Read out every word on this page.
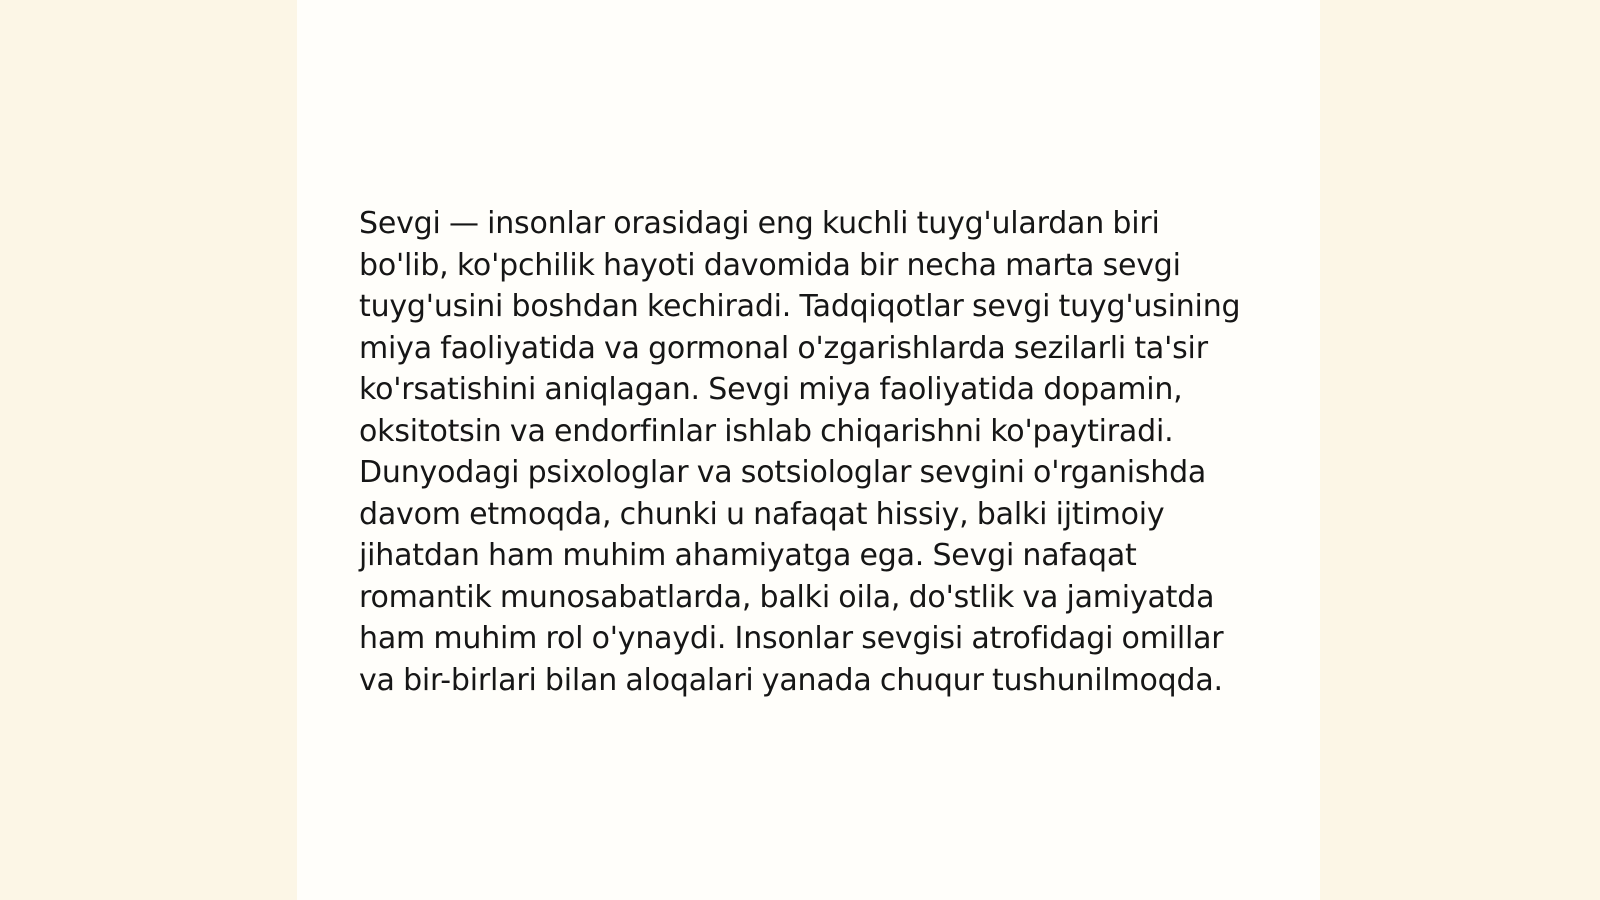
Sevgi — insonlar orasidagi eng kuchli tuyg'ulardan biri bo'lib, ko'pchilik hayoti davomida bir necha marta sevgi tuyg'usini boshdan kechiradi. Tadqiqotlar sevgi tuyg'usining miya faoliyatida va gormonal o'zgarishlarda sezilarli ta'sir ko'rsatishini aniqlagan. Sevgi miya faoliyatida dopamin, oksitotsin va endorfinlar ishlab chiqarishni ko'paytiradi. Dunyodagi psixologlar va sotsiologlar sevgini o'rganishda davom etmoqda, chunki u nafaqat hissiy, balki ijtimoiy jihatdan ham muhim ahamiyatga ega. Sevgi nafaqat romantik munosabatlarda, balki oila, do'stlik va jamiyatda ham muhim rol o'ynaydi. Insonlar sevgisi atrofidagi omillar va bir-birlari bilan aloqalari yanada chuqur tushunilmoqda.
